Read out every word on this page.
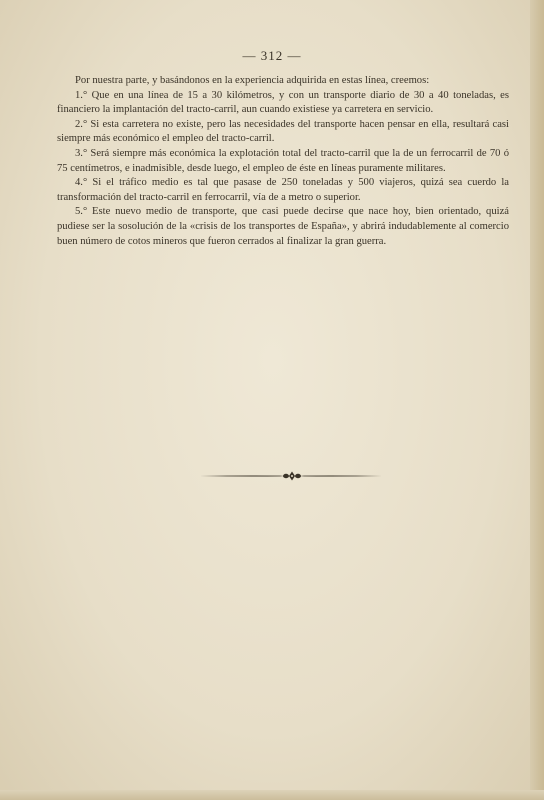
— 312 —

Por nuestra parte, y basándonos en la experiencia adquirida en estas línea, creemos:

1.° Que en una línea de 15 a 30 kilómetros, y con un transporte diario de 30 a 40 toneladas, es financiero la implantación del tracto-carril, aun cuando existiese ya carretera en servicio.

2.° Si esta carretera no existe, pero las necesidades del transporte hacen pensar en ella, resultará casi siempre más económico el empleo del tracto-carril.

3.° Será siempre más económica la explotación total del tracto-carril que la de un ferrocarril de 70 ó 75 centímetros, e inadmisible, desde luego, el empleo de éste en líneas puramente militares.

4.° Si el tráfico medio es tal que pasase de 250 toneladas y 500 viajeros, quizá sea cuerdo la transformación del tracto-carril en ferrocarril, vía de a metro o superior.

5.° Este nuevo medio de transporte, que casi puede decirse que nace hoy, bien orientado, quizá pudiese ser la sosolución de la «crisis de los transportes de España», y abrirá indudablemente al comercio buen número de cotos mineros que fueron cerrados al finalizar la gran guerra.
